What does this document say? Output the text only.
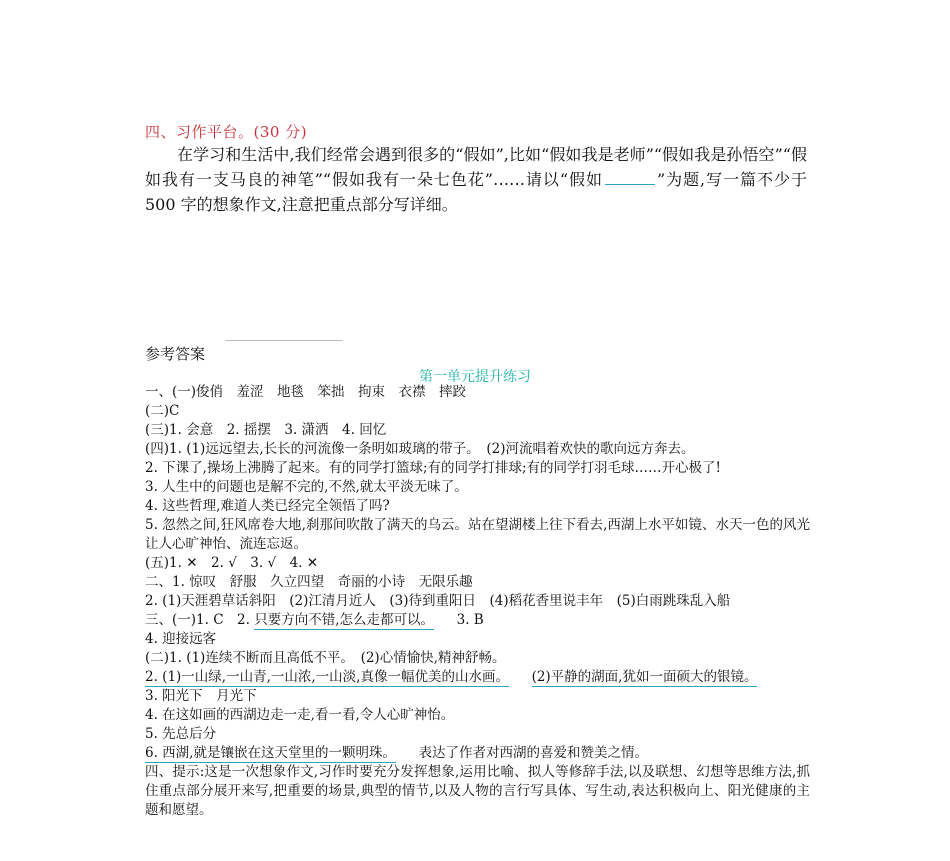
四、习作平台。(30 分)
在学习和生活中,我们经常会遇到很多的“假如”,比如“假如我是老师”“假如我是孙悟空”“假如我有一支马良的神笔”“假如我有一朵七色花”……请以“假如	”为题,写一篇不少于 500 字的想象作文,注意把重点部分写详细。
参考答案
第一单元提升练习
一、(一)俊俏　羞涩　地毯　笨拙　拘束　衣襟　摔跤
(二)C
(三)1. 会意　2. 摇摆　3. 潇洒　4. 回忆
(四)1. (1)远远望去,长长的河流像一条明如玻璃的带子。　(2)河流唱着欢快的歌向远方奔去。
2. 下课了,操场上沸腾了起来。有的同学打篮球;有的同学打排球;有的同学打羽毛球……开心极了!
3. 人生中的问题也是解不完的,不然,就太平淡无味了。
4. 这些哲理,难道人类已经完全领悟了吗?
5. 忽然之间,狂风席卷大地,刹那间吹散了满天的乌云。站在望湖楼上往下看去,西湖上水平如镜、水天一色的风光让人心旷神怡、流连忘返。
(五)1. ✕　2. √　3. √　4. ✕
二、1. 惊叹　舒服　久立四望　奇丽的小诗　无限乐趣
2. (1)天涯碧草话斜阳　(2)江清月近人　(3)待到重阳日　(4)稻花香里说丰年　(5)白雨跳珠乱入船
三、(一)1. C　2. 只要方向不错,怎么走都可以。 3. B
4. 迎接远客
(二)1. (1)连续不断而且高低不平。　(2)心情愉快,精神舒畅。
2. (1)一山绿,一山青,一山浓,一山淡,真像一幅优美的山水画。 (2)平静的湖面,犹如一面硕大的银镜。
3. 阳光下　月光下
4. 在这如画的西湖边走一走,看一看,令人心旷神怡。
5. 先总后分
6. 西湖,就是镶嵌在这天堂里的一颗明珠。 表达了作者对西湖的喜爱和赞美之情。
四、提示:这是一次想象作文,习作时要充分发挥想象,运用比喻、拟人等修辞手法,以及联想、幻想等思维方法,抓住重点部分展开来写,把重要的场景,典型的情节,以及人物的言行写具体、写生动,表达积极向上、阳光健康的主题和愿望。
